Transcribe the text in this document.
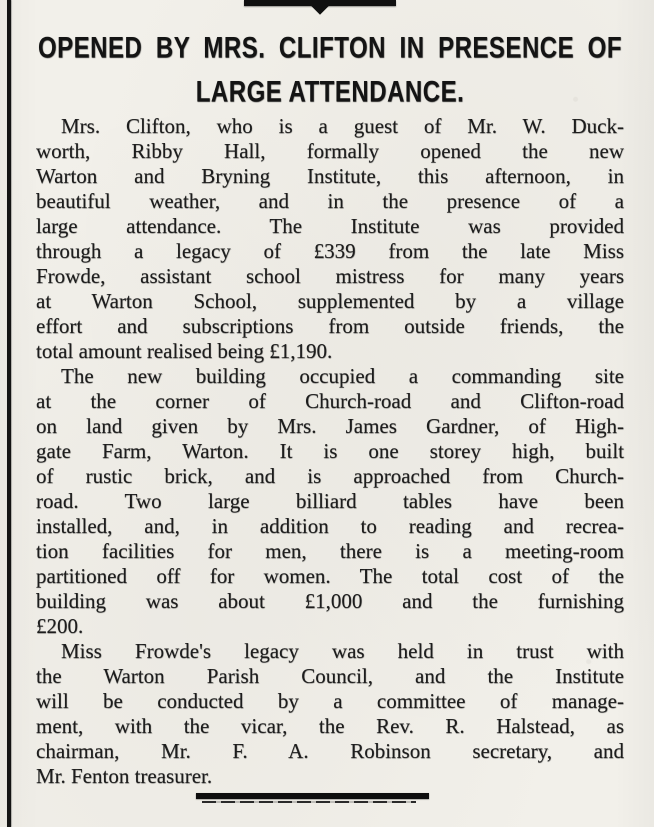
OPENED BY MRS. CLIFTON IN PRESENCE OF
LARGE ATTENDANCE.
Mrs. Clifton, who is a guest of Mr. W. Duck-
worth, Ribby Hall, formally opened the new
Warton and Bryning Institute, this afternoon, in
beautiful weather, and in the presence of a
large attendance. The Institute was provided
through a legacy of £339 from the late Miss
Frowde, assistant school mistress for many years
at Warton School, supplemented by a village
effort and subscriptions from outside friends, the
total amount realised being £1,190.
The new building occupied a commanding site
at the corner of Church-road and Clifton-road
on land given by Mrs. James Gardner, of High-
gate Farm, Warton. It is one storey high, built
of rustic brick, and is approached from Church-
road. Two large billiard tables have been
installed, and, in addition to reading and recrea-
tion facilities for men, there is a meeting-room
partitioned off for women. The total cost of the
building was about £1,000 and the furnishing
£200.
Miss Frowde's legacy was held in trust with
the Warton Parish Council, and the Institute
will be conducted by a committee of manage-
ment, with the vicar, the Rev. R. Halstead, as
chairman, Mr. F. A. Robinson secretary, and
Mr. Fenton treasurer.
